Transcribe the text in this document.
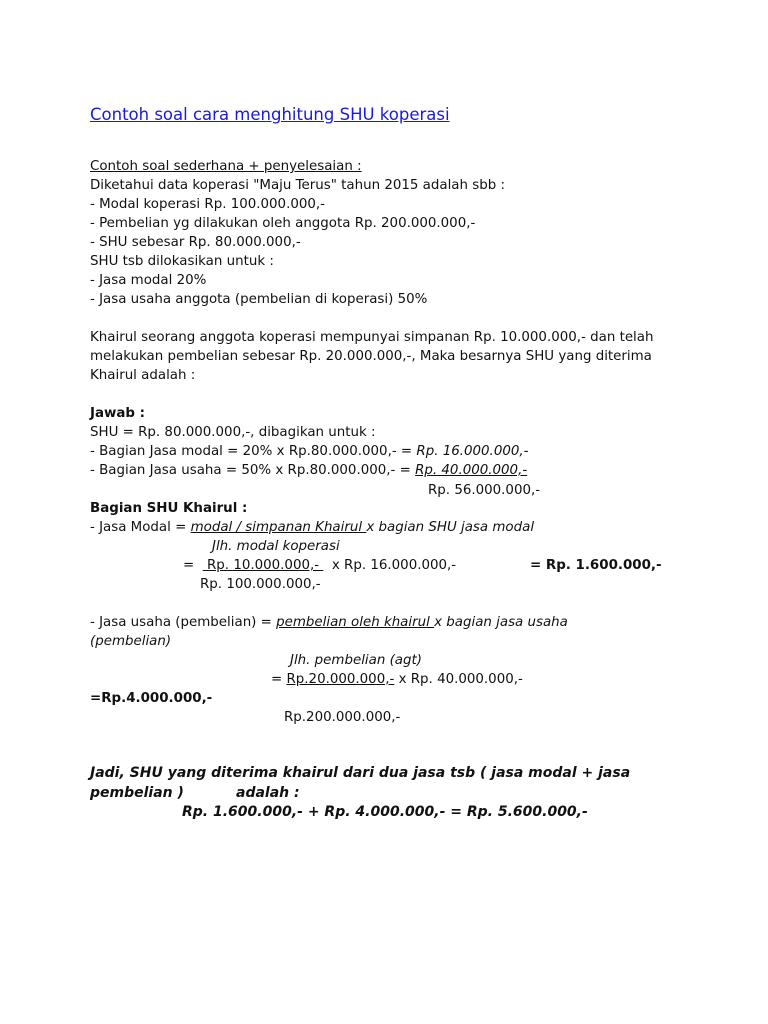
Contoh soal cara menghitung SHU koperasi
Contoh soal sederhana + penyelesaian :
Diketahui data koperasi "Maju Terus" tahun 2015 adalah sbb :
- Modal koperasi Rp. 100.000.000,-
- Pembelian yg dilakukan oleh anggota Rp. 200.000.000,-
- SHU sebesar Rp. 80.000.000,-
SHU tsb dilokasikan untuk :
- Jasa modal 20%
- Jasa usaha anggota (pembelian di koperasi) 50%
Khairul seorang anggota koperasi mempunyai simpanan Rp. 10.000.000,- dan telah
melakukan pembelian sebesar Rp. 20.000.000,-, Maka besarnya SHU yang diterima
Khairul adalah :
Jawab :
SHU = Rp. 80.000.000,-, dibagikan untuk :
- Bagian Jasa modal = 20% x Rp.80.000.000,- = Rp. 16.000.000,-
- Bagian Jasa usaha = 50% x Rp.80.000.000,- = Rp. 40.000.000,-
Rp. 56.000.000,-
Bagian SHU Khairul :
- Jasa Modal = modal / simpanan Khairul x bagian SHU jasa modal
Jlh. modal koperasi
=   Rp. 10.000.000,-   x Rp. 16.000.000,-	= Rp. 1.600.000,-
Rp. 100.000.000,-
- Jasa usaha (pembelian) = pembelian oleh khairul x bagian jasa usaha
(pembelian)
Jlh. pembelian (agt)
= Rp.20.000.000,- x Rp. 40.000.000,-
=Rp.4.000.000,-
Rp.200.000.000,-
Jadi, SHU yang diterima khairul dari dua jasa tsb ( jasa modal + jasa
pembelian )	adalah :
Rp. 1.600.000,- + Rp. 4.000.000,- = Rp. 5.600.000,-
